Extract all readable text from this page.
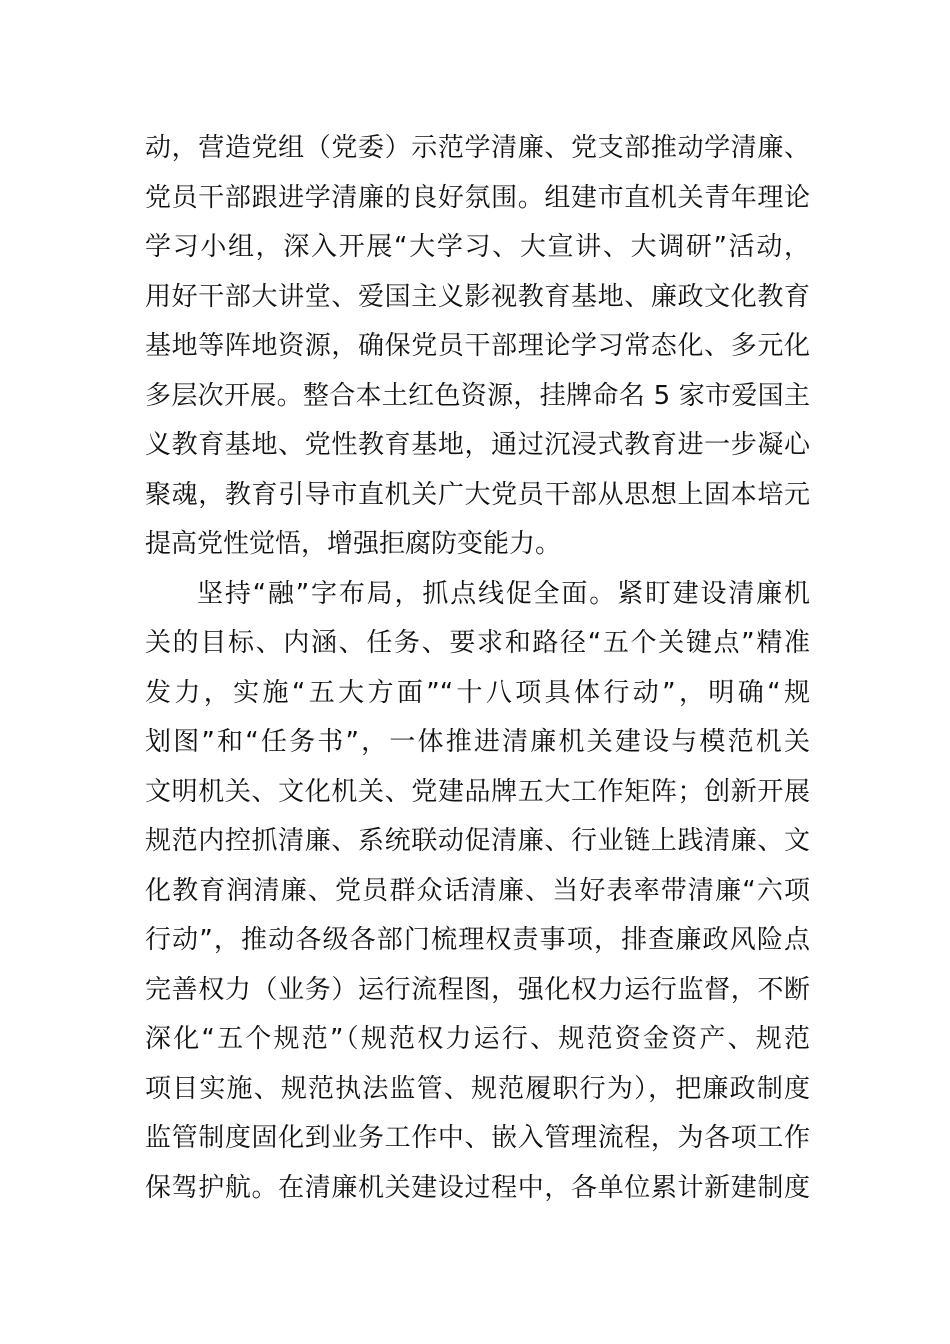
动，营造党组（党委）示范学清廉、党支部推动学清廉、
党员干部跟进学清廉的良好氛围。组建市直机关青年理论
学习小组，深入开展“大学习、大宣讲、大调研”活动，
用好干部大讲堂、爱国主义影视教育基地、廉政文化教育
基地等阵地资源，确保党员干部理论学习常态化、多元化
多层次开展。整合本土红色资源，挂牌命名 5 家市爱国主
义教育基地、党性教育基地，通过沉浸式教育进一步凝心
聚魂，教育引导市直机关广大党员干部从思想上固本培元
提高党性觉悟，增强拒腐防变能力。
坚持“融”字布局，抓点线促全面。紧盯建设清廉机
关的目标、内涵、任务、要求和路径“五个关键点”精准
发力，实施“五大方面”“十八项具体行动”，明确“规
划图”和“任务书”，一体推进清廉机关建设与模范机关
文明机关、文化机关、党建品牌五大工作矩阵；创新开展
规范内控抓清廉、系统联动促清廉、行业链上践清廉、文
化教育润清廉、党员群众话清廉、当好表率带清廉“六项
行动”，推动各级各部门梳理权责事项，排查廉政风险点
完善权力（业务）运行流程图，强化权力运行监督，不断
深化“五个规范”（规范权力运行、规范资金资产、规范
项目实施、规范执法监管、规范履职行为），把廉政制度
监管制度固化到业务工作中、嵌入管理流程，为各项工作
保驾护航。在清廉机关建设过程中，各单位累计新建制度
